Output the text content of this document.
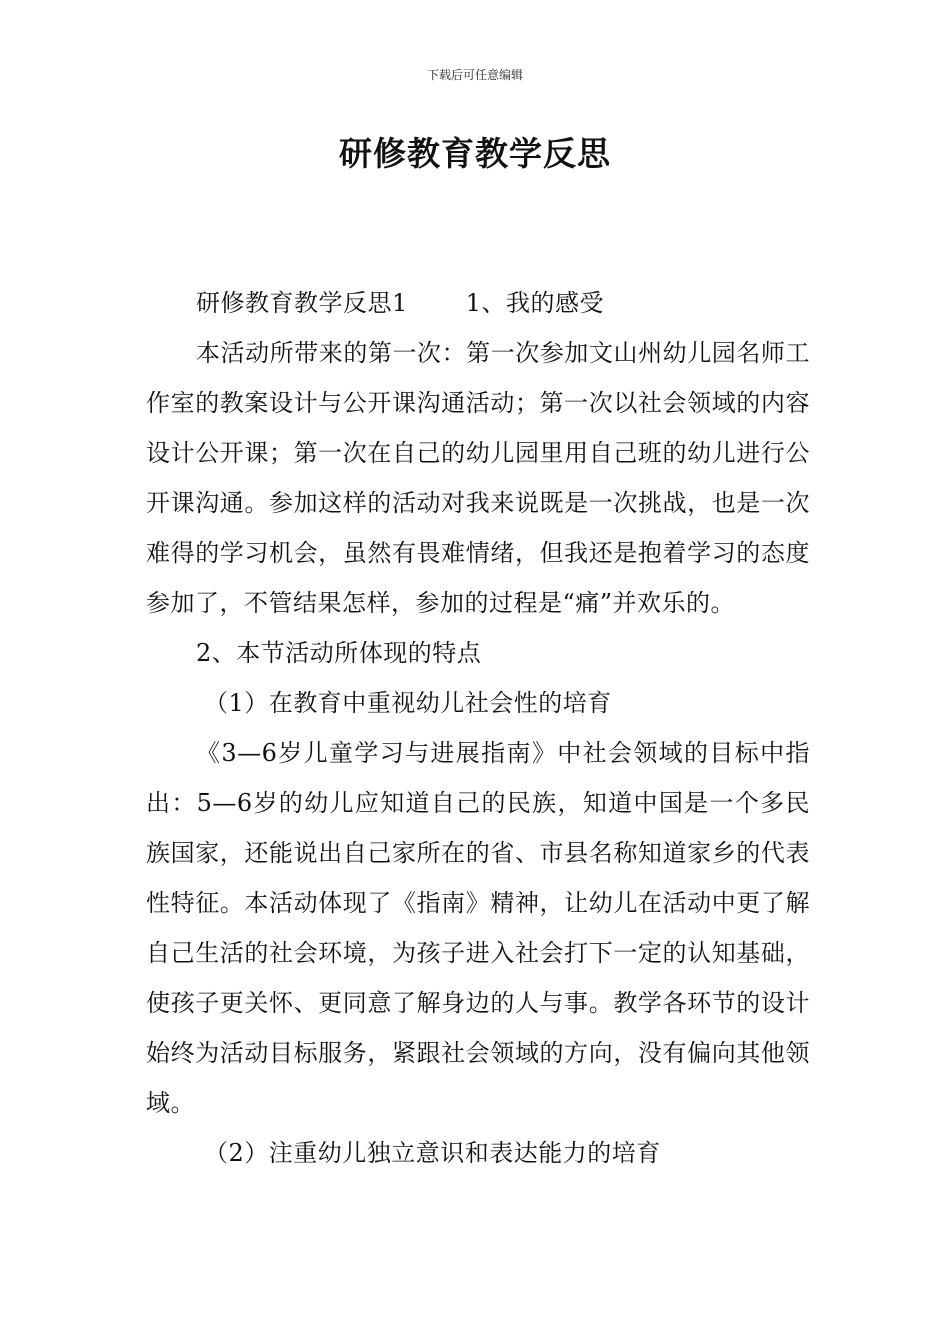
下载后可任意编辑
研修教育教学反思

研修教育教学反思1 1、我的感受

本活动所带来的第一次：第一次参加文山州幼儿园名师工作室的教案设计与公开课沟通活动；第一次以社会领域的内容设计公开课；第一次在自己的幼儿园里用自己班的幼儿进行公开课沟通。参加这样的活动对我来说既是一次挑战，也是一次难得的学习机会，虽然有畏难情绪，但我还是抱着学习的态度参加了，不管结果怎样，参加的过程是“痛”并欢乐的。

2、本节活动所体现的特点

（1）在教育中重视幼儿社会性的培育

《3—6岁儿童学习与进展指南》中社会领域的目标中指出：5—6岁的幼儿应知道自己的民族，知道中国是一个多民族国家，还能说出自己家所在的省、市县名称知道家乡的代表性特征。本活动体现了《指南》精神，让幼儿在活动中更了解自己生活的社会环境，为孩子进入社会打下一定的认知基础，使孩子更关怀、更同意了解身边的人与事。教学各环节的设计始终为活动目标服务，紧跟社会领域的方向，没有偏向其他领域。

（2）注重幼儿独立意识和表达能力的培育
